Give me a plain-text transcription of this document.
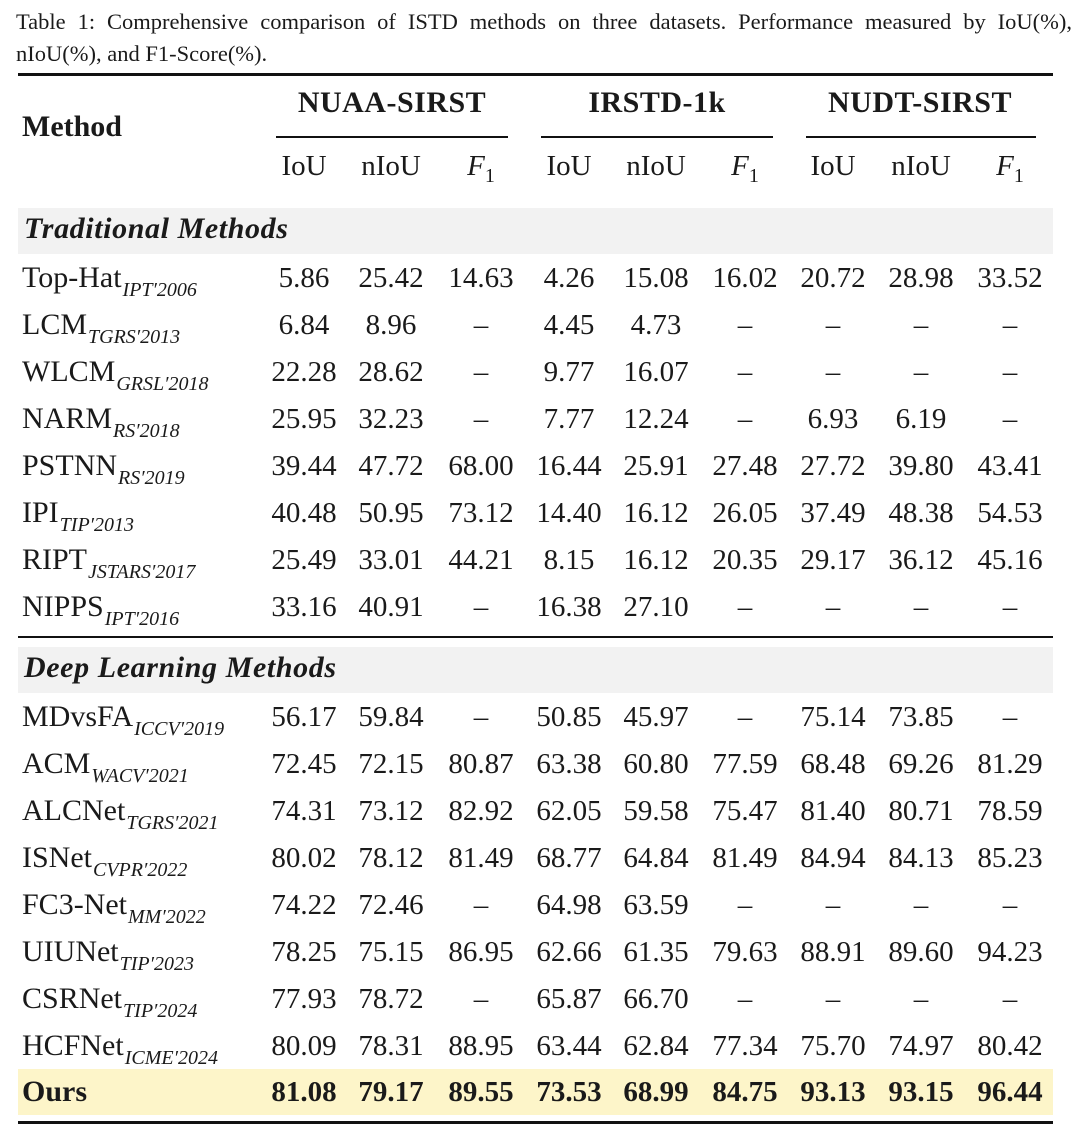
Table 1: Comprehensive comparison of ISTD methods on three datasets. Performance measured by IoU(%), nIoU(%), and F1-Score(%).
Method
NUAA-SIRST	IRSTD-1k	NUDT-SIRST
IoU	nIoU	$F_1$	IoU	nIoU	$F_1$	IoU	nIoU	$F_1$
Traditional Methods
Top-Hat$_{IPT'2006}$	5.86	25.42 14.63	4.26	15.08 16.02 20.72 28.98 33.52
$LCM_{TGRS'2013}$	6.84	8.96	–	4.45	4.73	–	–	–	–
$WLCM_{GRSL'2018}$	22.28 28.62	–	9.77	16.07	–	–	–	–
$NARM_{RS'2018}$	25.95 32.23	–	7.77	12.24	–	6.93	6.19	–
$PSTNN_{RS'2019}$	39.44 47.72 68.00 16.44 25.91 27.48 27.72 39.80 43.41
$IPI_{TIP'2013}$	40.48 50.95 73.12 14.40 16.12 26.05 37.49 48.38 54.53
$RIPT_{JSTARS'2017}$	25.49 33.01 44.21	8.15	16.12 20.35 29.17 36.12 45.16
$NIPPS_{IPT'2016}$	33.16 40.91	–	16.38 27.10	–	–	–	–
Deep Learning Methods
MDvsFA$_{ICCV'2019}$	56.17 59.84	–	50.85 45.97	–	75.14 73.85	–
$ACM_{WACV'2021}$	72.45 72.15 80.87 63.38 60.80 77.59 68.48 69.26 81.29
ALCNet$_{TGRS'2021}$	74.31 73.12 82.92 62.05 59.58 75.47 81.40 80.71 78.59
ISNet$_{CVPR'2022}$	80.02 78.12 81.49 68.77 64.84 81.49 84.94 84.13 85.23
FC3-Net$_{MM'2022}$	74.22 72.46	–	64.98 63.59	–	–	–	–
UIUNet$_{TIP'2023}$	78.25 75.15 86.95 62.66 61.35 79.63 88.91 89.60 94.23
CSRNet$_{TIP'2024}$	77.93 78.72	–	65.87 66.70	–	–	–	–
HCFNet$_{ICME'2024}$	80.09 78.31 88.95 63.44 62.84 77.34 75.70 74.97 80.42
Ours	81.08 79.17 89.55 73.53 68.99 84.75 93.13 93.15 96.44
